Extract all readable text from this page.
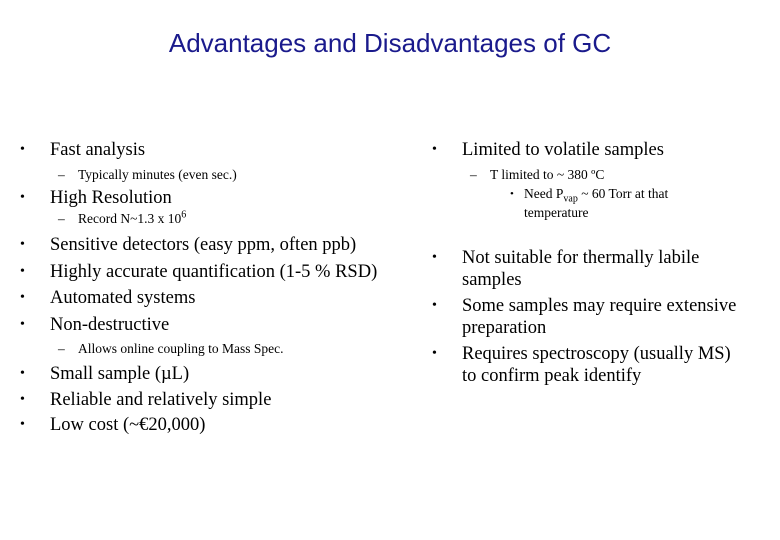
Advantages and Disadvantages of GC
• Fast analysis
– Typically minutes (even sec.)
• High Resolution
– Record N~1.3 x $10^6$
• Sensitive detectors (easy ppm, often ppb)
• Highly accurate quantification (1-5 % RSD)
• Automated systems
• Non-destructive
– Allows online coupling to Mass Spec.
• Small sample (µL)
• Reliable and relatively simple
• Low cost (~€20,000)
• Limited to volatile samples
– T limited to ~ 380 ºC
• Need $P_{vap}$ ~ 60 Torr at that
temperature
• Not suitable for thermally labile
samples
• Some samples may require extensive
preparation
• Requires spectroscopy (usually MS)
to confirm peak identify
